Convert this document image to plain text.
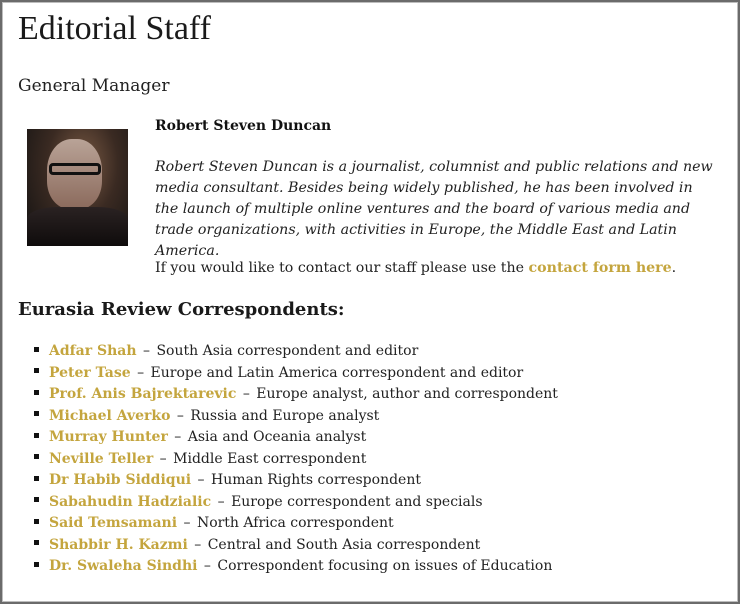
Editorial Staff

General Manager

Robert Steven Duncan

Robert Steven Duncan is a journalist, columnist and public relations and new media consultant. Besides being widely published, he has been involved in the launch of multiple online ventures and the board of various media and trade organizations, with activities in Europe, the Middle East and Latin America.

If you would like to contact our staff please use the contact form here.

Eurasia Review Correspondents:
Adfar Shah – South Asia correspondent and editor
Peter Tase – Europe and Latin America correspondent and editor
Prof. Anis Bajrektarevic – Europe analyst, author and correspondent
Michael Averko – Russia and Europe analyst
Murray Hunter – Asia and Oceania analyst
Neville Teller – Middle East correspondent
Dr Habib Siddiqui – Human Rights correspondent
Sabahudin Hadzialic – Europe correspondent and specials
Said Temsamani – North Africa correspondent
Shabbir H. Kazmi – Central and South Asia correspondent
Dr. Swaleha Sindhi – Correspondent focusing on issues of Education
